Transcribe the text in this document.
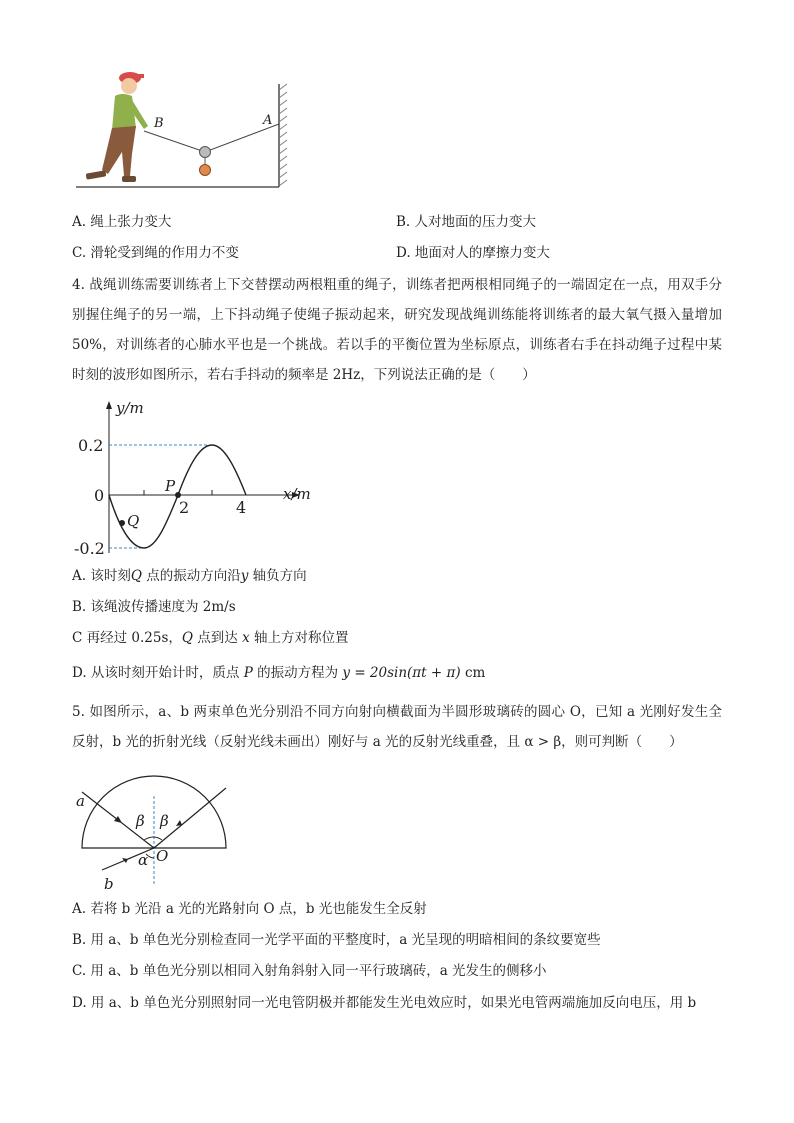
B	A
A. 绳上张力变大	B. 人对地面的压力变大
C. 滑轮受到绳的作用力不变	D. 地面对人的摩擦力变大
4. 战绳训练需要训练者上下交替摆动两根粗重的绳子，训练者把两根相同绳子的一端固定在一点，用双手分别握住绳子的另一端，上下抖动绳子使绳子振动起来，研究发现战绳训练能将训练者的最大氧气摄入量增加 50%，对训练者的心肺水平也是一个挑战。若以手的平衡位置为坐标原点，训练者右手在抖动绳子过程中某时刻的波形如图所示，若右手抖动的频率是 2Hz，下列说法正确的是（　　）
y/m
x/m
0.2
0
-0.2
2	4
P
Q
A. 该时刻Q 点的振动方向沿y 轴负方向
B. 该绳波传播速度为 2m/s
C 再经过 0.25s，Q 点到达 x 轴上方对称位置
D. 从该时刻开始计时，质点 P 的振动方程为 y = 20sin(πt + π) cm
5. 如图所示，a、b 两束单色光分别沿不同方向射向横截面为半圆形玻璃砖的圆心 O，已知 a 光刚好发生全反射，b 光的折射光线（反射光线未画出）刚好与 a 光的反射光线重叠，且 α > β，则可判断（　　）
a
b
O
α
β β
A. 若将 b 光沿 a 光的光路射向 O 点，b 光也能发生全反射
B. 用 a、b 单色光分别检查同一光学平面的平整度时，a 光呈现的明暗相间的条纹要宽些
C. 用 a、b 单色光分别以相同入射角斜射入同一平行玻璃砖，a 光发生的侧移小
D. 用 a、b 单色光分别照射同一光电管阴极并都能发生光电效应时，如果光电管两端施加反向电压，用 b
